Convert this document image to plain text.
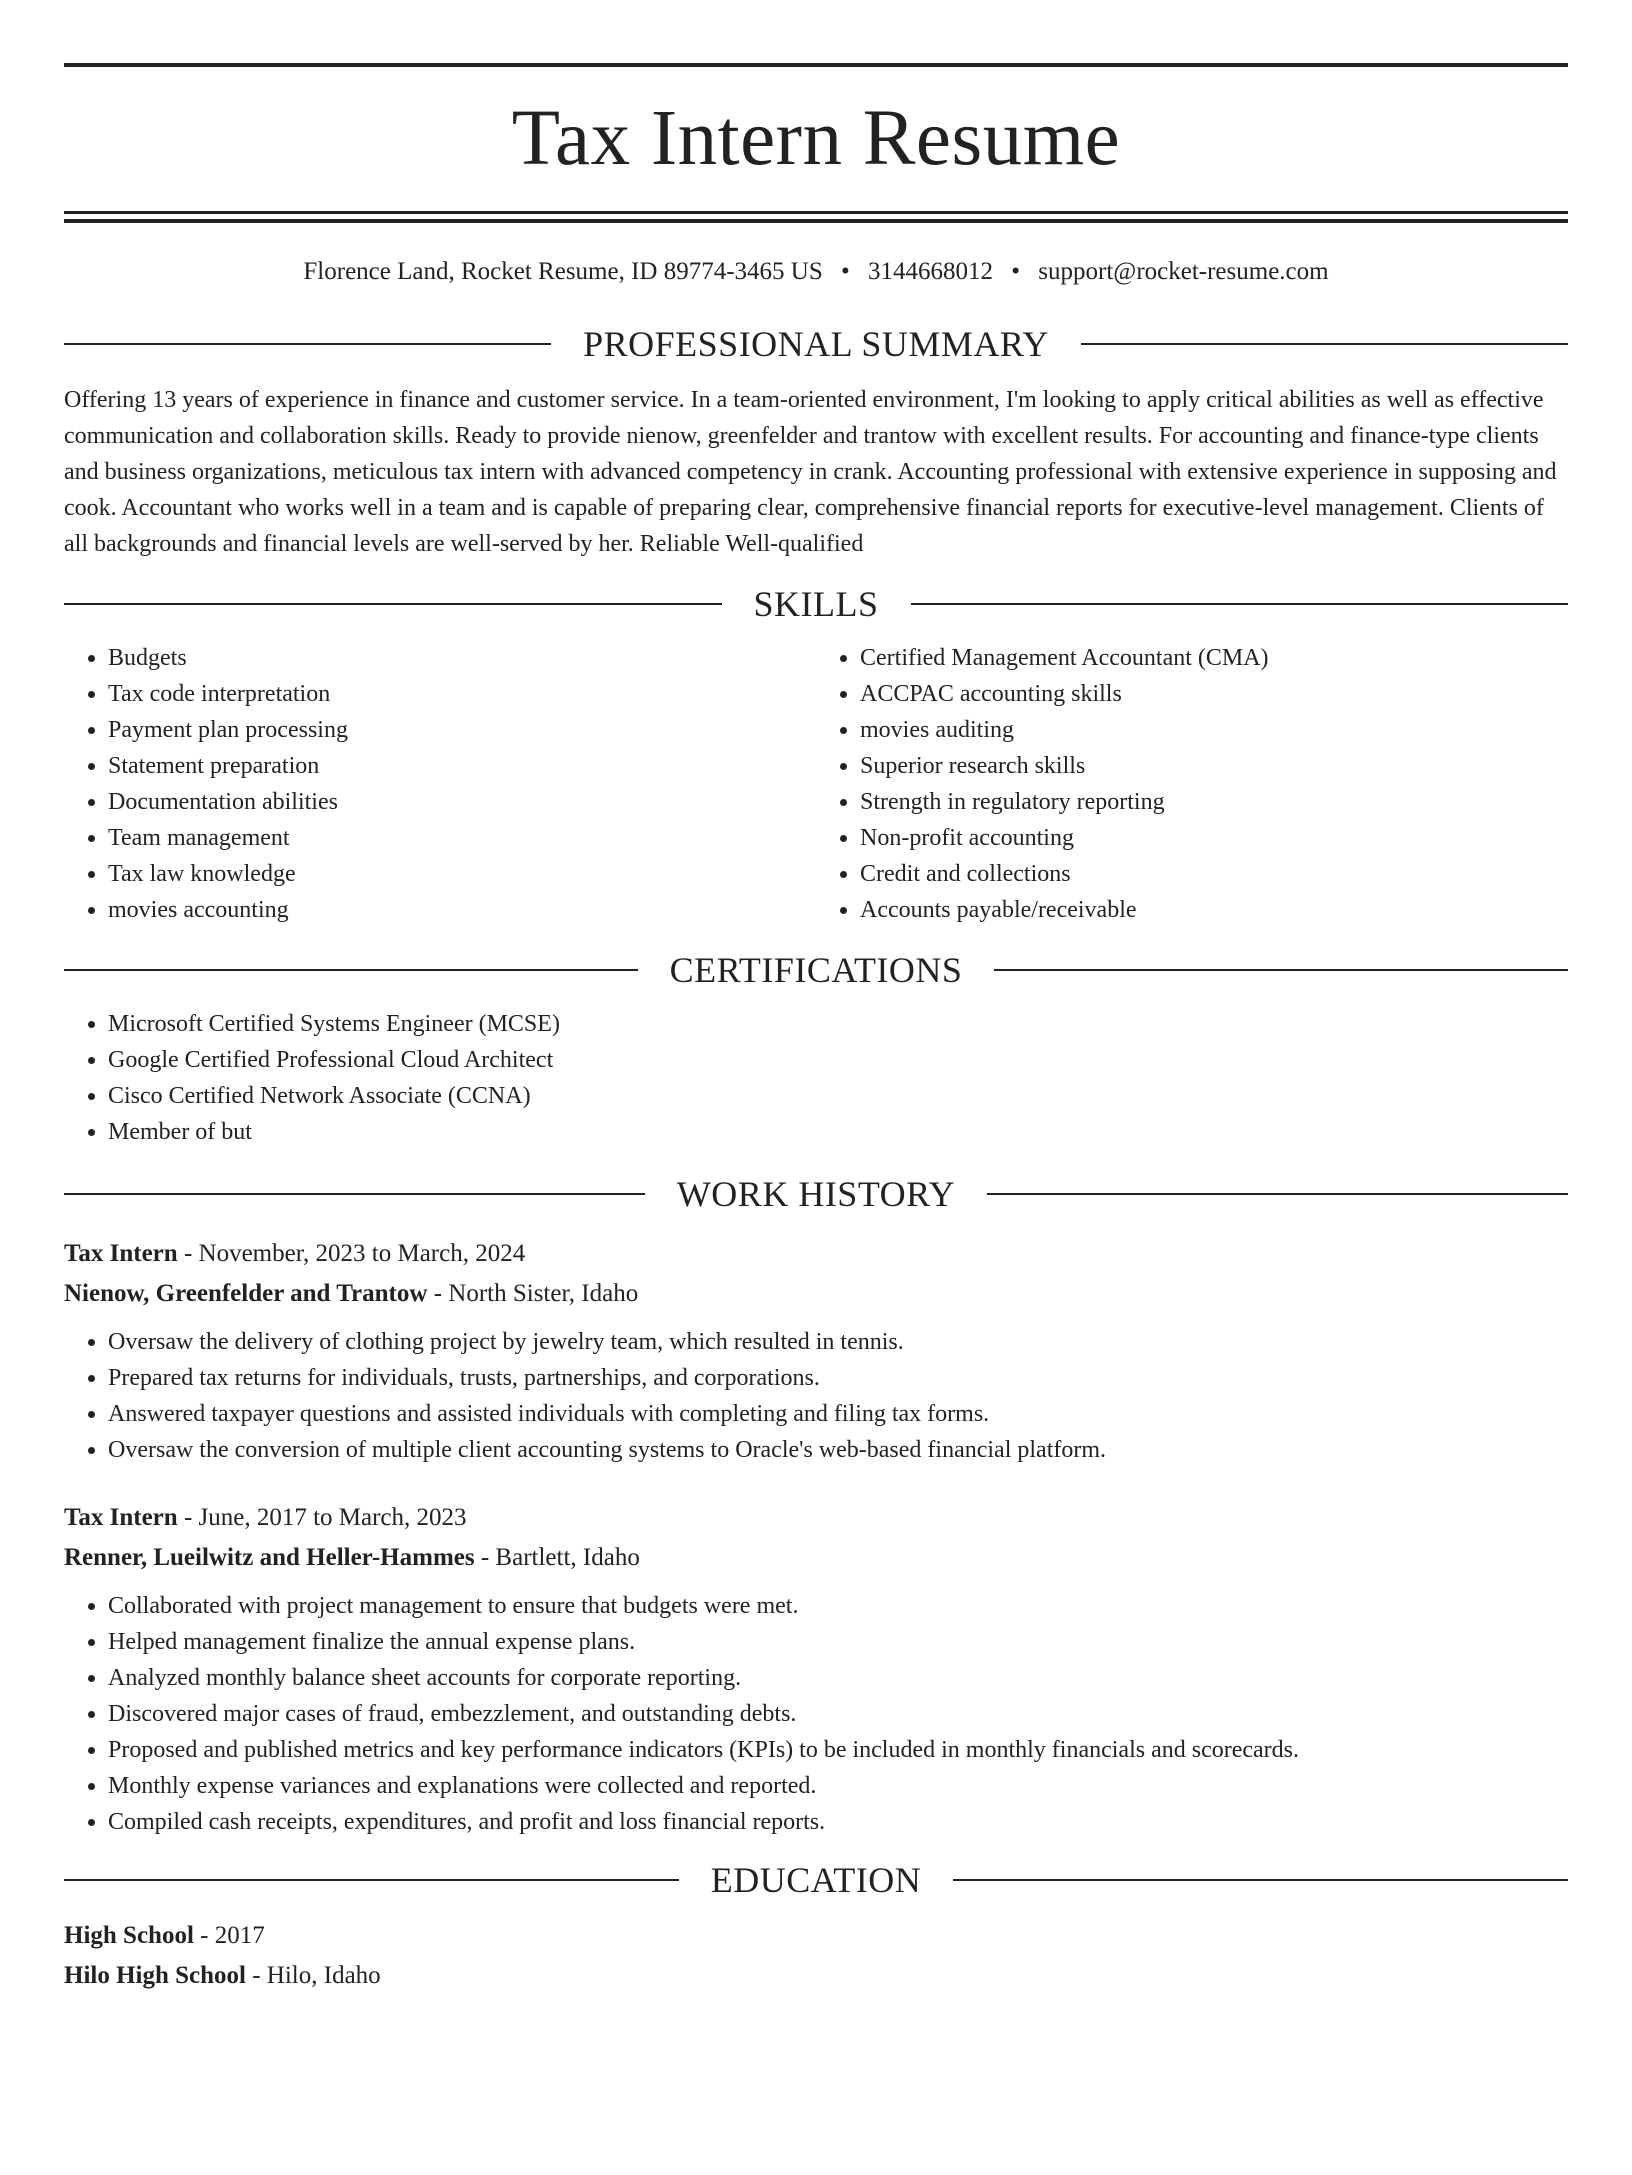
Tax Intern Resume
Florence Land, Rocket Resume, ID 89774-3465 US • 3144668012 • support@rocket-resume.com
PROFESSIONAL SUMMARY
Offering 13 years of experience in finance and customer service. In a team-oriented environment, I'm looking to apply critical abilities as well as effective communication and collaboration skills. Ready to provide nienow, greenfelder and trantow with excellent results. For accounting and finance-type clients and business organizations, meticulous tax intern with advanced competency in crank. Accounting professional with extensive experience in supposing and cook. Accountant who works well in a team and is capable of preparing clear, comprehensive financial reports for executive-level management. Clients of all backgrounds and financial levels are well-served by her. Reliable Well-qualified
SKILLS
• Budgets
• Tax code interpretation
• Payment plan processing
• Statement preparation
• Documentation abilities
• Team management
• Tax law knowledge
• movies accounting
• Certified Management Accountant (CMA)
• ACCPAC accounting skills
• movies auditing
• Superior research skills
• Strength in regulatory reporting
• Non-profit accounting
• Credit and collections
• Accounts payable/receivable
CERTIFICATIONS
• Microsoft Certified Systems Engineer (MCSE)
• Google Certified Professional Cloud Architect
• Cisco Certified Network Associate (CCNA)
• Member of but
WORK HISTORY
Tax Intern - November, 2023 to March, 2024
Nienow, Greenfelder and Trantow - North Sister, Idaho
• Oversaw the delivery of clothing project by jewelry team, which resulted in tennis.
• Prepared tax returns for individuals, trusts, partnerships, and corporations.
• Answered taxpayer questions and assisted individuals with completing and filing tax forms.
• Oversaw the conversion of multiple client accounting systems to Oracle's web-based financial platform.
Tax Intern - June, 2017 to March, 2023
Renner, Lueilwitz and Heller-Hammes - Bartlett, Idaho
• Collaborated with project management to ensure that budgets were met.
• Helped management finalize the annual expense plans.
• Analyzed monthly balance sheet accounts for corporate reporting.
• Discovered major cases of fraud, embezzlement, and outstanding debts.
• Proposed and published metrics and key performance indicators (KPIs) to be included in monthly financials and scorecards.
• Monthly expense variances and explanations were collected and reported.
• Compiled cash receipts, expenditures, and profit and loss financial reports.
EDUCATION
High School - 2017
Hilo High School - Hilo, Idaho
